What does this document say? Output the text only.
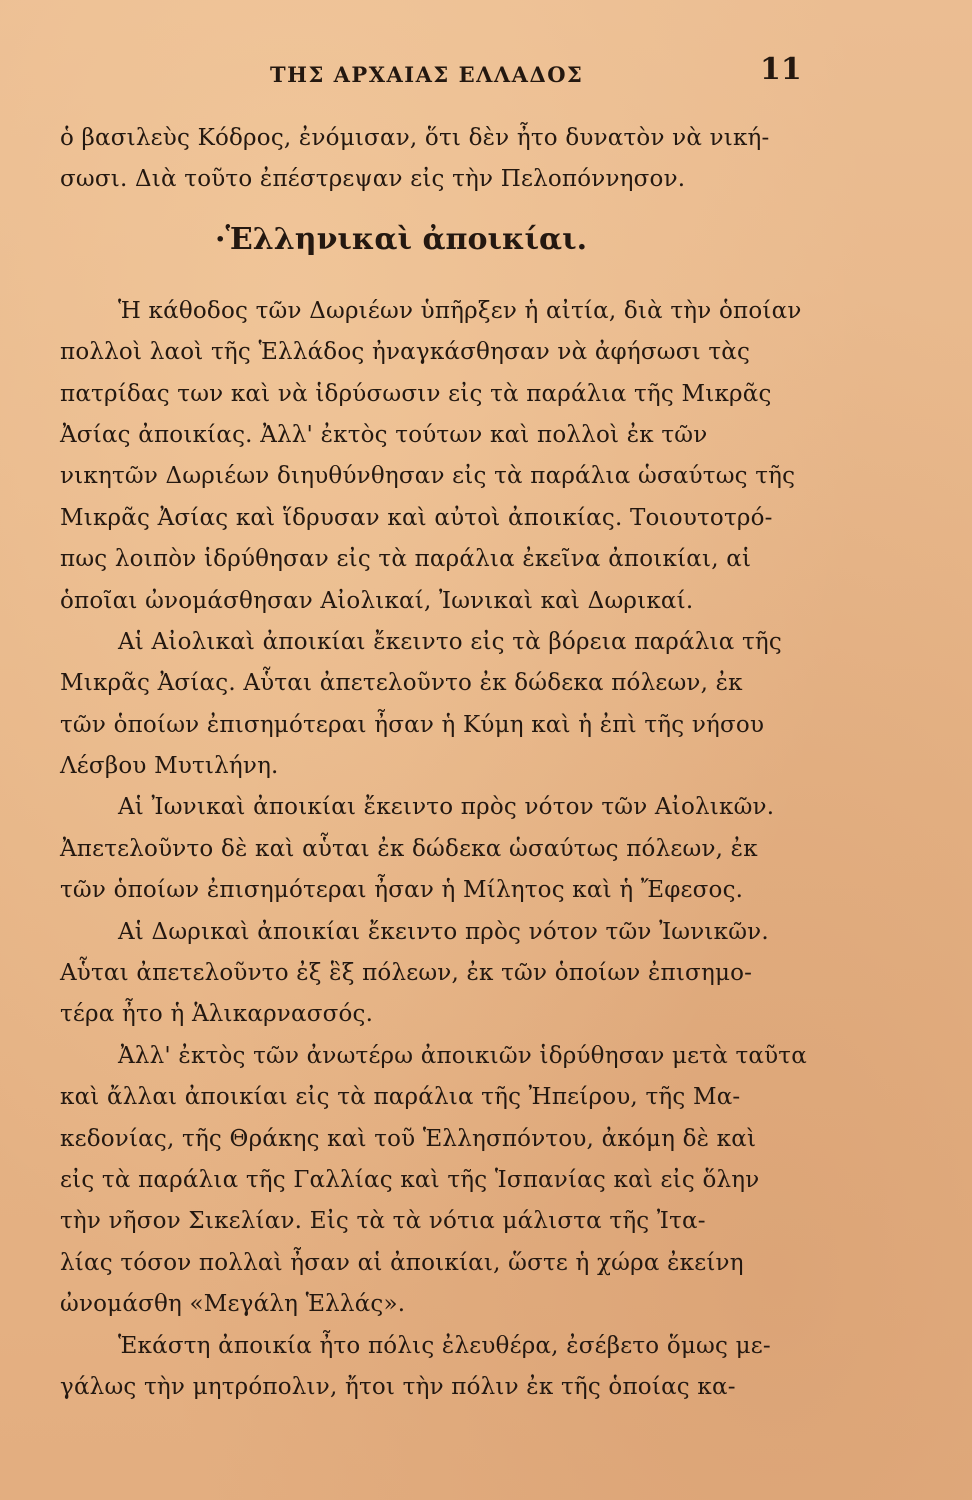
ΤΗΣ ΑΡΧΑΙΑΣ ΕΛΛΑΔΟΣ	11
ὁ βασιλεὺς Κόδρος, ἐνόμισαν, ὅτι δὲν ἦτο δυνατὸν νὰ νική-
σωσι. Διὰ τοῦτο ἐπέστρεψαν εἰς τὴν Πελοπόννησον.
·Ἑλληνικαὶ ἀποικίαι.
Ἡ κάθοδος τῶν Δωριέων ὑπῆρξεν ἡ αἰτία, διὰ τὴν ὁποίαν
πολλοὶ λαοὶ τῆς Ἑλλάδος ἠναγκάσθησαν νὰ ἀφήσωσι τὰς
πατρίδας των καὶ νὰ ἱδρύσωσιν εἰς τὰ παράλια τῆς Μικρᾶς
Ἀσίας ἀποικίας. Ἀλλ' ἐκτὸς τούτων καὶ πολλοὶ ἐκ τῶν
νικητῶν Δωριέων διηυθύνθησαν εἰς τὰ παράλια ὡσαύτως τῆς
Μικρᾶς Ἀσίας καὶ ἵδρυσαν καὶ αὐτοὶ ἀποικίας. Τοιουτοτρό-
πως λοιπὸν ἱδρύθησαν εἰς τὰ παράλια ἐκεῖνα ἀποικίαι, αἱ
ὁποῖαι ὠνομάσθησαν Αἰολικαί, Ἰωνικαὶ καὶ Δωρικαί.
Αἱ Αἰολικαὶ ἀποικίαι ἔκειντο εἰς τὰ βόρεια παράλια τῆς
Μικρᾶς Ἀσίας. Αὗται ἀπετελοῦντο ἐκ δώδεκα πόλεων, ἐκ
τῶν ὁποίων ἐπισημότεραι ἦσαν ἡ Κύμη καὶ ἡ ἐπὶ τῆς νήσου
Λέσβου Μυτιλήνη.
Αἱ Ἰωνικαὶ ἀποικίαι ἔκειντο πρὸς νότον τῶν Αἰολικῶν.
Ἀπετελοῦντο δὲ καὶ αὗται ἐκ δώδεκα ὡσαύτως πόλεων, ἐκ
τῶν ὁποίων ἐπισημότεραι ἦσαν ἡ Μίλητος καὶ ἡ Ἔφεσος.
Αἱ Δωρικαὶ ἀποικίαι ἔκειντο πρὸς νότον τῶν Ἰωνικῶν.
Αὗται ἀπετελοῦντο ἐξ ἓξ πόλεων, ἐκ τῶν ὁποίων ἐπισημο-
τέρα ἦτο ἡ Ἁλικαρνασσός.
Ἀλλ' ἐκτὸς τῶν ἀνωτέρω ἀποικιῶν ἱδρύθησαν μετὰ ταῦτα
καὶ ἄλλαι ἀποικίαι εἰς τὰ παράλια τῆς Ἠπείρου, τῆς Μα-
κεδονίας, τῆς Θράκης καὶ τοῦ Ἑλλησπόντου, ἀκόμη δὲ καὶ
εἰς τὰ παράλια τῆς Γαλλίας καὶ τῆς Ἱσπανίας καὶ εἰς ὅλην
τὴν νῆσον Σικελίαν. Εἰς τὰ τὰ νότια μάλιστα τῆς Ἰτα-
λίας τόσον πολλαὶ ἦσαν αἱ ἀποικίαι, ὥστε ἡ χώρα ἐκείνη
ὠνομάσθη «Μεγάλη Ἑλλάς».
Ἑκάστη ἀποικία ἦτο πόλις ἐλευθέρα, ἐσέβετο ὅμως με-
γάλως τὴν μητρόπολιν, ἤτοι τὴν πόλιν ἐκ τῆς ὁποίας κα-
